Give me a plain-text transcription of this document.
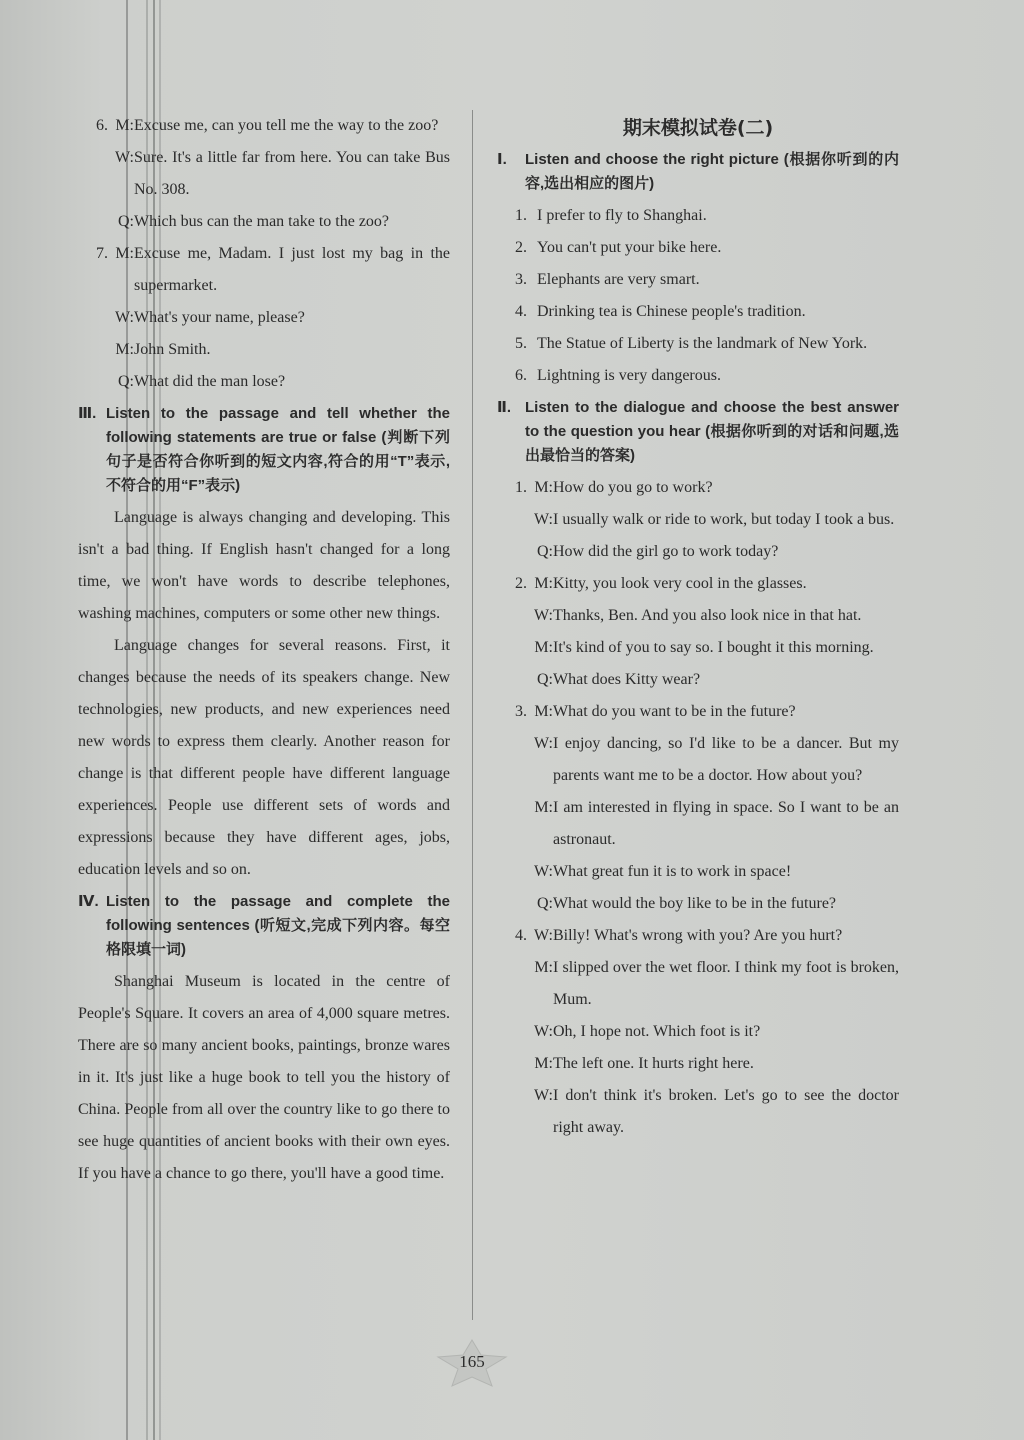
6. M: Excuse me, can you tell me the way to the zoo?
W: Sure. It's a little far from here. You can take Bus No. 308.
Q: Which bus can the man take to the zoo?
7. M: Excuse me, Madam. I just lost my bag in the supermarket.
W: What's your name, please?
M: John Smith.
Q: What did the man lose?
Ⅲ. Listen to the passage and tell whether the following statements are true or false (判断下列句子是否符合你听到的短文内容,符合的用“T”表示,不符合的用“F”表示)
Language is always changing and developing. This isn't a bad thing. If English hasn't changed for a long time, we won't have words to describe telephones, washing machines, computers or some other new things.
Language changes for several reasons. First, it changes because the needs of its speakers change. New technologies, new products, and new experiences need new words to express them clearly. Another reason for change is that different people have different language experiences. People use different sets of words and expressions because they have different ages, jobs, education levels and so on.
Ⅳ. Listen to the passage and complete the following sentences (听短文,完成下列内容。每空格限填一词)
Shanghai Museum is located in the centre of People's Square. It covers an area of 4,000 square metres. There are so many ancient books, paintings, bronze wares in it. It's just like a huge book to tell you the history of China. People from all over the country like to go there to see huge quantities of ancient books with their own eyes. If you have a chance to go there, you'll have a good time.
期末模拟试卷(二)
Ⅰ.	Listen and choose the right picture (根据你听到的内容,选出相应的图片)
1. I prefer to fly to Shanghai.
2. You can't put your bike here.
3. Elephants are very smart.
4. Drinking tea is Chinese people's tradition.
5. The Statue of Liberty is the landmark of New York.
6. Lightning is very dangerous.
Ⅱ. Listen to the dialogue and choose the best answer to the question you hear (根据你听到的对话和问题,选出最恰当的答案)
1. M: How do you go to work?
W: I usually walk or ride to work, but today I took a bus.
Q: How did the girl go to work today?
2. M: Kitty, you look very cool in the glasses.
W: Thanks, Ben. And you also look nice in that hat.
M: It's kind of you to say so. I bought it this morning.
Q: What does Kitty wear?
3. M: What do you want to be in the future?
W: I enjoy dancing, so I'd like to be a dancer. But my parents want me to be a doctor. How about you?
M: I am interested in flying in space. So I want to be an astronaut.
W: What great fun it is to work in space!
Q: What would the boy like to be in the future?
4. W: Billy! What's wrong with you? Are you hurt?
M: I slipped over the wet floor. I think my foot is broken, Mum.
W: Oh, I hope not. Which foot is it?
M: The left one. It hurts right here.
W: I don't think it's broken. Let's go to see the doctor right away.
165
